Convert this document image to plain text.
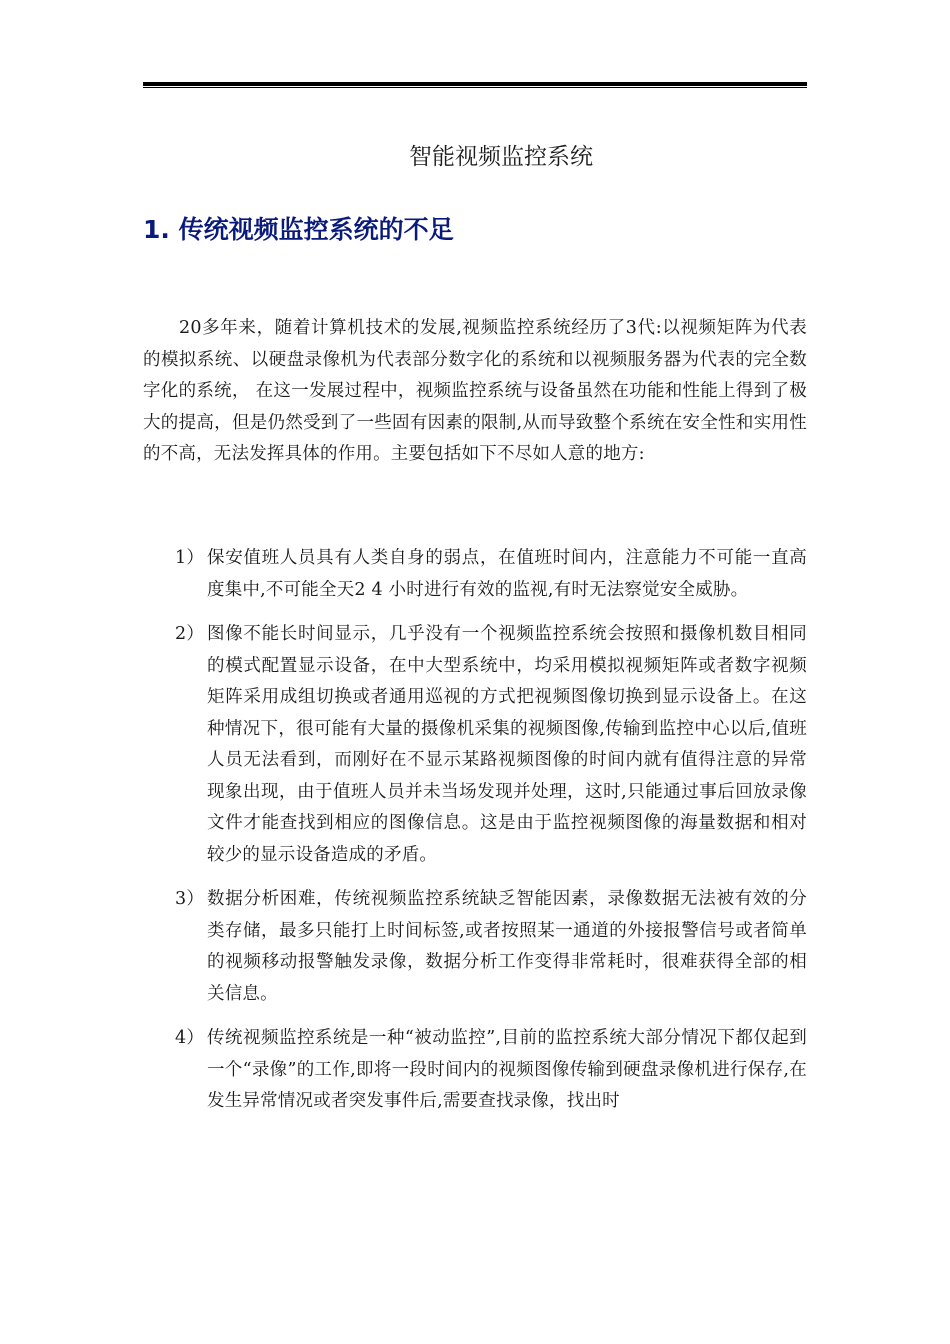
智能视频监控系统
1. 传统视频监控系统的不足

20多年来，随着计算机技术的发展,视频监控系统经历了3代:以视频矩阵为代表的模拟系统、以硬盘录像机为代表部分数字化的系统和以视频服务器为代表的完全数字化的系统， 在这一发展过程中，视频监控系统与设备虽然在功能和性能上得到了极大的提高，但是仍然受到了一些固有因素的限制,从而导致整个系统在安全性和实用性的不高，无法发挥具体的作用。主要包括如下不尽如人意的地方:

1） 保安值班人员具有人类自身的弱点，在值班时间内，注意能力不可能一直高度集中,不可能全天2 4 小时进行有效的监视,有时无法察觉安全威胁。
2） 图像不能长时间显示，几乎没有一个视频监控系统会按照和摄像机数目相同的模式配置显示设备，在中大型系统中，均采用模拟视频矩阵或者数字视频矩阵采用成组切换或者通用巡视的方式把视频图像切换到显示设备上。在这种情况下，很可能有大量的摄像机采集的视频图像,传输到监控中心以后,值班人员无法看到，而刚好在不显示某路视频图像的时间内就有值得注意的异常现象出现，由于值班人员并未当场发现并处理，这时,只能通过事后回放录像文件才能查找到相应的图像信息。这是由于监控视频图像的海量数据和相对较少的显示设备造成的矛盾。
3） 数据分析困难，传统视频监控系统缺乏智能因素，录像数据无法被有效的分类存储，最多只能打上时间标签,或者按照某一通道的外接报警信号或者简单的视频移动报警触发录像，数据分析工作变得非常耗时，很难获得全部的相关信息。
4） 传统视频监控系统是一种“被动监控”,目前的监控系统大部分情况下都仅起到一个“录像”的工作,即将一段时间内的视频图像传输到硬盘录像机进行保存,在发生异常情况或者突发事件后,需要查找录像，找出时
